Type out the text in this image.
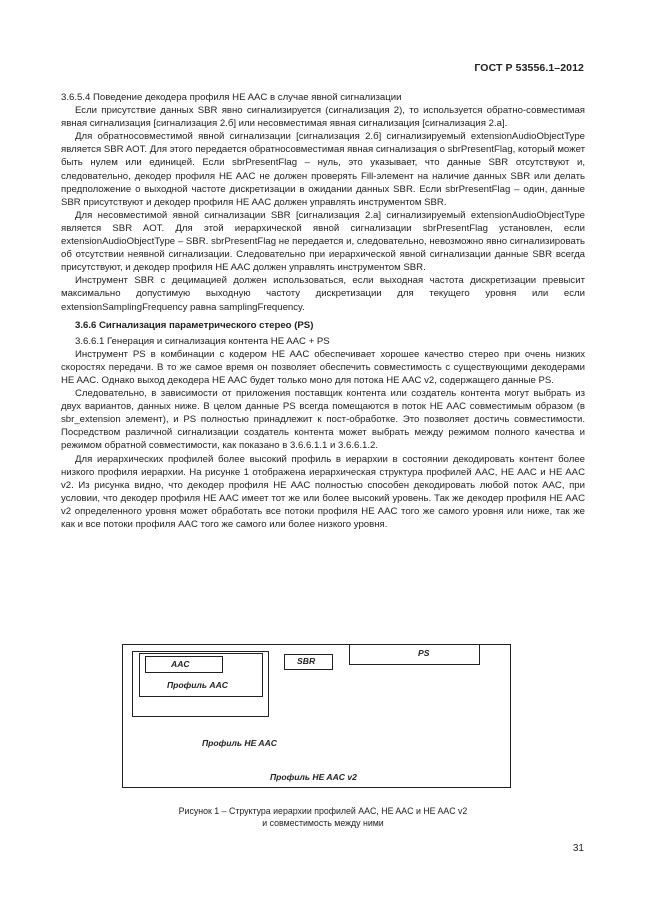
ГОСТ Р 53556.1–2012

3.6.5.4 Поведение декодера профиля HE AAC в случае явной сигнализации

Если присутствие данных SBR явно сигнализируется (сигнализация 2), то используется обратно-совместимая явная сигнализация [сигнализация 2.б] или несовместимая явная сигнализация [сигнализация 2.а].

Для обратносовместимой явной сигнализации [сигнализация 2.б] сигнализируемый extensionAudioObjectType является SBR AOT. Для этого передается обратносовместимая явная сигнализация о sbrPresentFlag, который может быть нулем или единицей. Если sbrPresentFlag – нуль, это указывает, что данные SBR отсутствуют и, следовательно, декодер профиля HE AAC не должен проверять Fill-элемент на наличие данных SBR или делать предположение о выходной частоте дискретизации в ожидании данных SBR. Если sbrPresentFlag – один, данные SBR присутствуют и декодер профиля HE AAC должен управлять инструментом SBR.

Для несовместимой явной сигнализации SBR [сигнализация 2.а] сигнализируемый extensionAudioObjectType является SBR AOT. Для этой иерархической явной сигнализации sbrPresentFlag установлен, если extensionAudioObjectType – SBR. sbrPresentFlag не передается и, следовательно, невозможно явно сигнализировать об отсутствии неявной сигнализации. Следовательно при иерархической явной сигнализации данные SBR всегда присутствуют, и декодер профиля HE AAC должен управлять инструментом SBR.

Инструмент SBR с децимацией должен использоваться, если выходная частота дискретизации превысит максимально допустимую выходную частоту дискретизации для текущего уровня или если extensionSamplingFrequency равна samplingFrequency.

3.6.6 Сигнализация параметрического стерео (PS)

3.6.6.1 Генерация и сигнализация контента HE AAC + PS

Инструмент PS в комбинации с кодером HE AAC обеспечивает хорошее качество стерео при очень низких скоростях передачи. В то же самое время он позволяет обеспечить совместимость с существующими декодерами HE AAC. Однако выход декодера HE AAC будет только моно для потока HE AAC v2, содержащего данные PS.

Следовательно, в зависимости от приложения поставщик контента или создатель контента могут выбрать из двух вариантов, данных ниже. В целом данные PS всегда помещаются в поток HE AAC совместимым образом (в sbr_extension элемент), и PS полностью принадлежит к пост-обработке. Это позволяет достичь совместимости. Посредством различной сигнализации создатель контента может выбрать между режимом полного качества и режимом обратной совместимости, как показано в 3.6.6.1.1 и 3.6.6.1.2.

Для иерархических профилей более высокий профиль в иерархии в состоянии декодировать контент более низкого профиля иерархии. На рисунке 1 отображена иерархическая структура профилей AAC, HE AAC и HE AAC v2. Из рисунка видно, что декодер профиля HE AAC полностью способен декодировать любой поток AAC, при условии, что декодер профиля HE AAC имеет тот же или более высокий уровень. Так же декодер профиля HE AAC v2 определенного уровня может обработать все потоки профиля HE AAC того же самого уровня или ниже, так же как и все потоки профиля AAC того же самого или более низкого уровня.

AAC
Профиль AAC
SBR
Профиль HE AAC
PS
Профиль HE AAC v2
Рисунок 1 – Структура иерархии профилей AAC, HE AAC и HE AAC v2
и совместимость между ними
31
